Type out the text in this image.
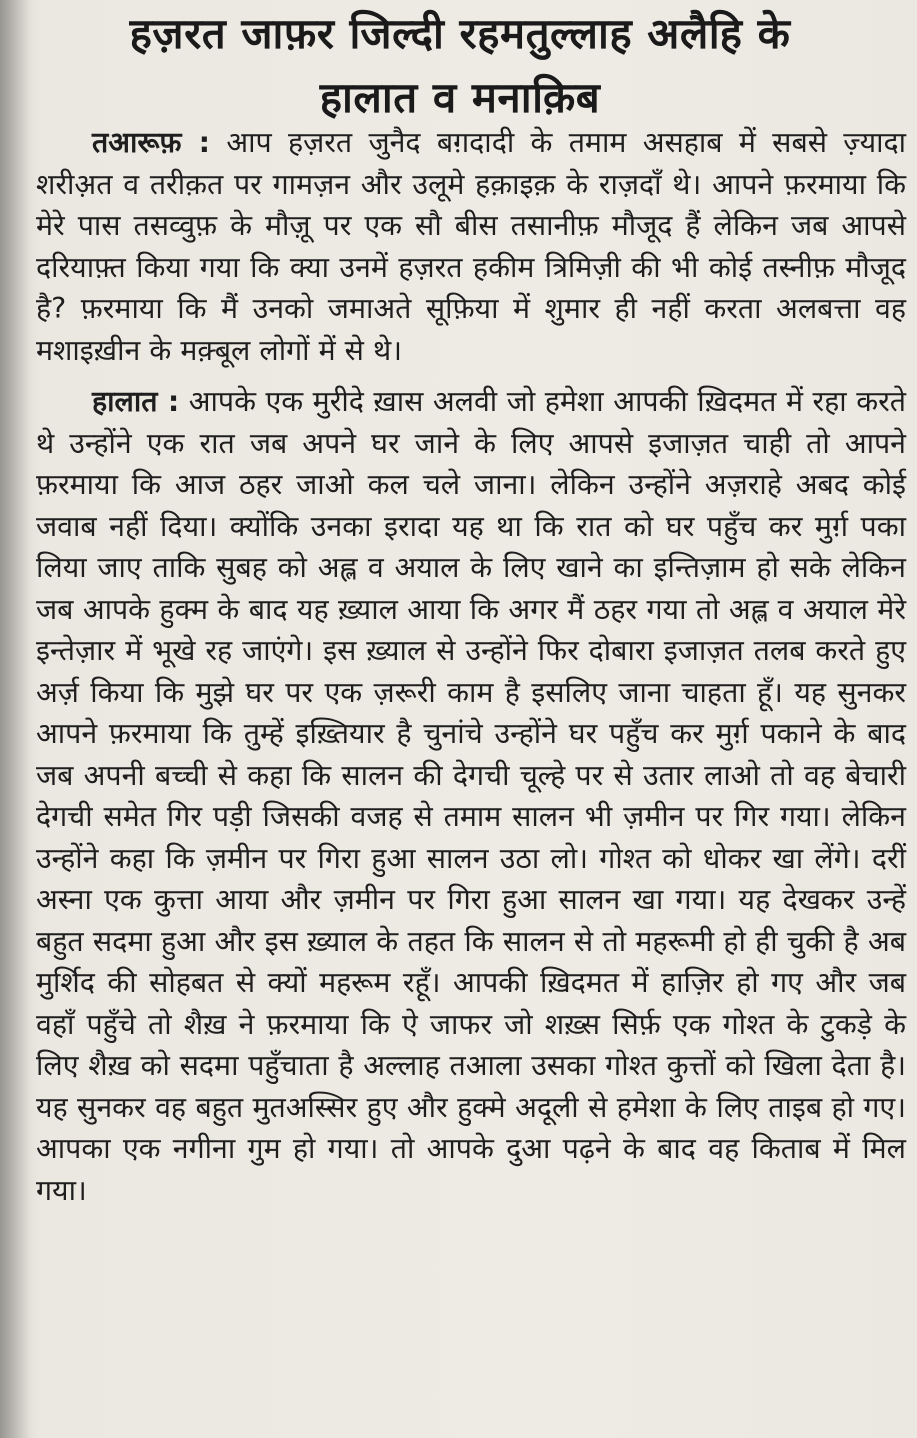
हज़रत जाफ़र जिल्दी रहमतुल्लाह अलैहि के
हालात व मनाक़िब

तआरूफ़ : आप हज़रत जुनैद बग़दादी के तमाम असहाब में सबसे ज़्यादा शरीअ़त व तरीक़त पर गामज़न और उलूमे हक़ाइक़ के राज़दाँ थे। आपने फ़रमाया कि मेरे पास तसव्वुफ़ के मौज़ू पर एक सौ बीस तसानीफ़ मौजूद हैं लेकिन जब आपसे दरियाफ़्त किया गया कि क्या उनमें हज़रत हकीम त्रिमिज़ी की भी कोई तस्नीफ़ मौजूद है? फ़रमाया कि मैं उनको जमाअते सूफ़िया में शुमार ही नहीं करता अलबत्ता वह मशाइख़ीन के मक़्बूल लोगों में से थे।

हालात : आपके एक मुरीदे ख़ास अलवी जो हमेशा आपकी ख़िदमत में रहा करते थे उन्होंने एक रात जब अपने घर जाने के लिए आपसे इजाज़त चाही तो आपने फ़रमाया कि आज ठहर जाओ कल चले जाना। लेकिन उन्होंने अज़राहे अबद कोई जवाब नहीं दिया। क्योंकि उनका इरादा यह था कि रात को घर पहुँच कर मुर्ग़ पका लिया जाए ताकि सुबह को अह्ल व अयाल के लिए खाने का इन्तिज़ाम हो सके लेकिन जब आपके हुक्म के बाद यह ख़्याल आया कि अगर मैं ठहर गया तो अह्ल व अयाल मेरे इन्तेज़ार में भूखे रह जाएंगे। इस ख़्याल से उन्होंने फिर दोबारा इजाज़त तलब करते हुए अर्ज़ किया कि मुझे घर पर एक ज़रूरी काम है इसलिए जाना चाहता हूँ। यह सुनकर आपने फ़रमाया कि तुम्हें इख़्तियार है चुनांचे उन्होंने घर पहुँच कर मुर्ग़ पकाने के बाद जब अपनी बच्ची से कहा कि सालन की देगची चूल्हे पर से उतार लाओ तो वह बेचारी देगची समेत गिर पड़ी जिसकी वजह से तमाम सालन भी ज़मीन पर गिर गया। लेकिन उन्होंने कहा कि ज़मीन पर गिरा हुआ सालन उठा लो। गोश्त को धोकर खा लेंगे। दरीं अस्ना एक कुत्ता आया और ज़मीन पर गिरा हुआ सालन खा गया। यह देखकर उन्हें बहुत सदमा हुआ और इस ख़्याल के तहत कि सालन से तो महरूमी हो ही चुकी है अब मुर्शिद की सोहबत से क्यों महरूम रहूँ। आपकी ख़िदमत में हाज़िर हो गए और जब वहाँ पहुँचे तो शैख़ ने फ़रमाया कि ऐ जाफर जो शख़्स सिर्फ़ एक गोश्त के टुकड़े के लिए शैख़ को सदमा पहुँचाता है अल्लाह तआला उसका गोश्त कुत्तों को खिला देता है। यह सुनकर वह बहुत मुतअस्सिर हुए और हुक्मे अदूली से हमेशा के लिए ताइब हो गए। आपका एक नगीना गुम हो गया। तो आपके दुआ पढ़ने के बाद वह किताब में मिल गया।
